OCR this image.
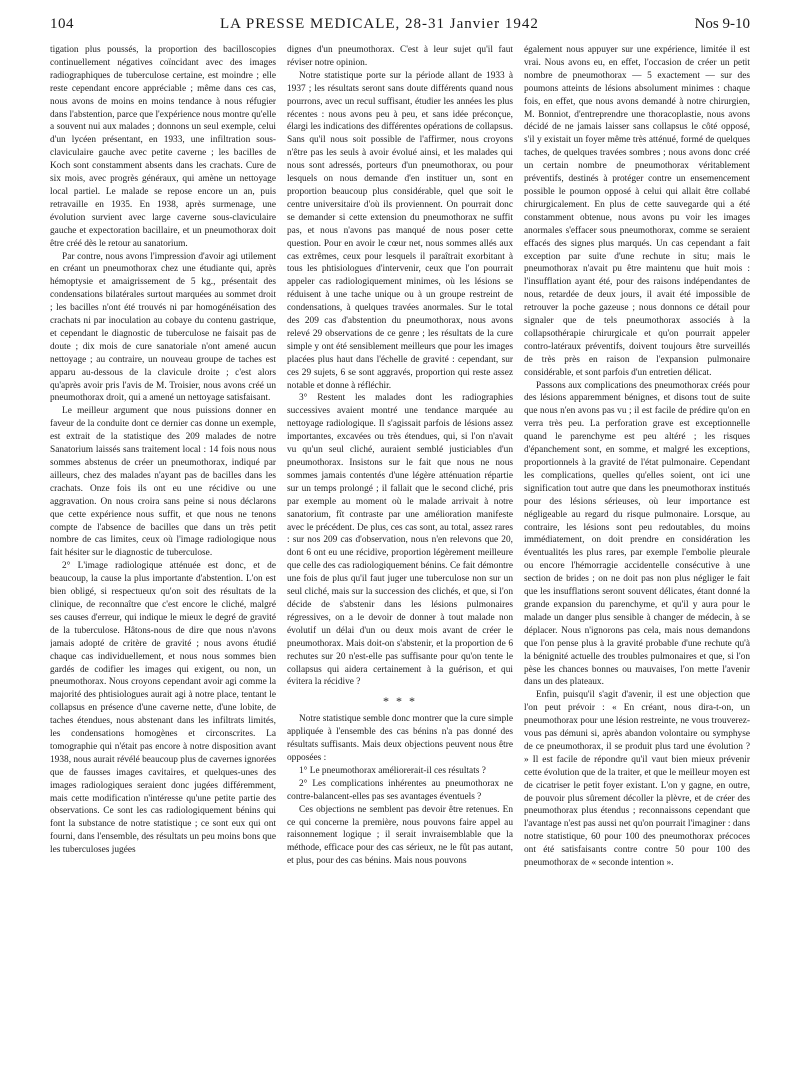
104	LA PRESSE MEDICALE, 28-31 Janvier 1942	Nos 9-10

tigation plus poussés, la proportion des bacilloscopies continuellement négatives coïncidant avec des images radiographiques de tuberculose certaine, est moindre ; elle reste cependant encore appréciable ; même dans ces cas, nous avons de moins en moins tendance à nous réfugier dans l'abstention, parce que l'expérience nous montre qu'elle a souvent nui aux malades ; donnons un seul exemple, celui d'un lycéen présentant, en 1933, une infiltration sous-claviculaire gauche avec petite caverne ; les bacilles de Koch sont constamment absents dans les crachats. Cure de six mois, avec progrès généraux, qui amène un nettoyage local partiel. Le malade se repose encore un an, puis retravaille en 1935. En 1938, après surmenage, une évolution survient avec large caverne sous-claviculaire gauche et expectoration bacillaire, et un pneumothorax doit être créé dès le retour au sanatorium.

Par contre, nous avons l'impression d'avoir agi utilement en créant un pneumothorax chez une étudiante qui, après hémoptysie et amaigrissement de 5 kg., présentait des condensations bilatérales surtout marquées au sommet droit ; les bacilles n'ont été trouvés ni par homogénéisation des crachats ni par inoculation au cobaye du contenu gastrique, et cependant le diagnostic de tuberculose ne faisait pas de doute ; dix mois de cure sanatoriale n'ont amené aucun nettoyage ; au contraire, un nouveau groupe de taches est apparu au-dessous de la clavicule droite ; c'est alors qu'après avoir pris l'avis de M. Troisier, nous avons créé un pneumothorax droit, qui a amené un nettoyage satisfaisant.

Le meilleur argument que nous puissions donner en faveur de la conduite dont ce dernier cas donne un exemple, est extrait de la statistique des 209 malades de notre Sanatorium laissés sans traitement local : 14 fois nous nous sommes abstenus de créer un pneumothorax, indiqué par ailleurs, chez des malades n'ayant pas de bacilles dans les crachats. Onze fois ils ont eu une récidive ou une aggravation. On nous croira sans peine si nous déclarons que cette expérience nous suffit, et que nous ne tenons compte de l'absence de bacilles que dans un très petit nombre de cas limites, ceux où l'image radiologique nous fait hésiter sur le diagnostic de tuberculose.

2° L'image radiologique atténuée est donc, et de beaucoup, la cause la plus importante d'abstention. L'on est bien obligé, si respectueux qu'on soit des résultats de la clinique, de reconnaître que c'est encore le cliché, malgré ses causes d'erreur, qui indique le mieux le degré de gravité de la tuberculose. Hâtons-nous de dire que nous n'avons jamais adopté de critère de gravité ; nous avons étudié chaque cas individuellement, et nous nous sommes bien gardés de codifier les images qui exigent, ou non, un pneumothorax. Nous croyons cependant avoir agi comme la majorité des phtisiologues aurait agi à notre place, tentant le collapsus en présence d'une caverne nette, d'une lobite, de taches étendues, nous abstenant dans les infiltrats limités, les condensations homogènes et circonscrites. La tomographie qui n'était pas encore à notre disposition avant 1938, nous aurait révélé beaucoup plus de cavernes ignorées que de fausses images cavitaires, et quelques-unes des images radiologiques seraient donc jugées différemment, mais cette modification n'intéresse qu'une petite partie des observations. Ce sont les cas radiologiquement bénins qui font la substance de notre statistique ; ce sont eux qui ont fourni, dans l'ensemble, des résultats un peu moins bons que les tuberculoses jugées

dignes d'un pneumothorax. C'est à leur sujet qu'il faut réviser notre opinion.

Notre statistique porte sur la période allant de 1933 à 1937 ; les résultats seront sans doute différents quand nous pourrons, avec un recul suffisant, étudier les années les plus récentes : nous avons peu à peu, et sans idée préconçue, élargi les indications des différentes opérations de collapsus. Sans qu'il nous soit possible de l'affirmer, nous croyons n'être pas les seuls à avoir évolué ainsi, et les malades qui nous sont adressés, porteurs d'un pneumothorax, ou pour lesquels on nous demande d'en instituer un, sont en proportion beaucoup plus considérable, quel que soit le centre universitaire d'où ils proviennent. On pourrait donc se demander si cette extension du pneumothorax ne suffit pas, et nous n'avons pas manqué de nous poser cette question. Pour en avoir le cœur net, nous sommes allés aux cas extrêmes, ceux pour lesquels il paraîtrait exorbitant à tous les phtisiologues d'intervenir, ceux que l'on pourrait appeler cas radiologiquement minimes, où les lésions se réduisent à une tache unique ou à un groupe restreint de condensations, à quelques travées anormales. Sur le total des 209 cas d'abstention du pneumothorax, nous avons relevé 29 observations de ce genre ; les résultats de la cure simple y ont été sensiblement meilleurs que pour les images placées plus haut dans l'échelle de gravité : cependant, sur ces 29 sujets, 6 se sont aggravés, proportion qui reste assez notable et donne à réfléchir.

3° Restent les malades dont les radiographies successives avaient montré une tendance marquée au nettoyage radiologique. Il s'agissait parfois de lésions assez importantes, excavées ou très étendues, qui, si l'on n'avait vu qu'un seul cliché, auraient semblé justiciables d'un pneumothorax. Insistons sur le fait que nous ne nous sommes jamais contentés d'une légère atténuation répartie sur un temps prolongé ; il fallait que le second cliché, pris par exemple au moment où le malade arrivait à notre sanatorium, fît contraste par une amélioration manifeste avec le précédent. De plus, ces cas sont, au total, assez rares : sur nos 209 cas d'observation, nous n'en relevons que 20, dont 6 ont eu une récidive, proportion légèrement meilleure que celle des cas radiologiquement bénins. Ce fait démontre une fois de plus qu'il faut juger une tuberculose non sur un seul cliché, mais sur la succession des clichés, et que, si l'on décide de s'abstenir dans les lésions pulmonaires régressives, on a le devoir de donner à tout malade non évolutif un délai d'un ou deux mois avant de créer le pneumothorax. Mais doit-on s'abstenir, et la proportion de 6 rechutes sur 20 n'est-elle pas suffisante pour qu'on tente le collapsus qui aidera certainement à la guérison, et qui évitera la récidive ?

* * *

Notre statistique semble donc montrer que la cure simple appliquée à l'ensemble des cas bénins n'a pas donné des résultats suffisants. Mais deux objections peuvent nous être opposées :

1° Le pneumothorax améliorerait-il ces résultats ?

2° Les complications inhérentes au pneumothorax ne contre-balancent-elles pas ses avantages éventuels ?

Ces objections ne semblent pas devoir être retenues. En ce qui concerne la première, nous pouvons faire appel au raisonnement logique ; il serait invraisemblable que la méthode, efficace pour des cas sérieux, ne le fût pas autant, et plus, pour des cas bénins. Mais nous pouvons

également nous appuyer sur une expérience, limitée il est vrai. Nous avons eu, en effet, l'occasion de créer un petit nombre de pneumothorax — 5 exactement — sur des poumons atteints de lésions absolument minimes : chaque fois, en effet, que nous avons demandé à notre chirurgien, M. Bonniot, d'entreprendre une thoracoplastie, nous avons décidé de ne jamais laisser sans collapsus le côté opposé, s'il y existait un foyer même très atténué, formé de quelques taches, de quelques travées sombres ; nous avons donc créé un certain nombre de pneumothorax véritablement préventifs, destinés à protéger contre un ensemencement possible le poumon opposé à celui qui allait être collabé chirurgicalement. En plus de cette sauvegarde qui a été constamment obtenue, nous avons pu voir les images anormales s'effacer sous pneumothorax, comme se seraient effacés des signes plus marqués. Un cas cependant a fait exception par suite d'une rechute in situ; mais le pneumothorax n'avait pu être maintenu que huit mois : l'insufflation ayant été, pour des raisons indépendantes de nous, retardée de deux jours, il avait été impossible de retrouver la poche gazeuse ; nous donnons ce détail pour signaler que de tels pneumothorax associés à la collapsothérapie chirurgicale et qu'on pourrait appeler contro-latéraux préventifs, doivent toujours être surveillés de très près en raison de l'expansion pulmonaire considérable, et sont parfois d'un entretien délicat.

Passons aux complications des pneumothorax créés pour des lésions apparemment bénignes, et disons tout de suite que nous n'en avons pas vu ; il est facile de prédire qu'on en verra très peu. La perforation grave est exceptionnelle quand le parenchyme est peu altéré ; les risques d'épanchement sont, en somme, et malgré les exceptions, proportionnels à la gravité de l'état pulmonaire. Cependant les complications, quelles qu'elles soient, ont ici une signification tout autre que dans les pneumothorax institués pour des lésions sérieuses, où leur importance est négligeable au regard du risque pulmonaire. Lorsque, au contraire, les lésions sont peu redoutables, du moins immédiatement, on doit prendre en considération les éventualités les plus rares, par exemple l'embolie pleurale ou encore l'hémorragie accidentelle consécutive à une section de brides ; on ne doit pas non plus négliger le fait que les insufflations seront souvent délicates, étant donné la grande expansion du parenchyme, et qu'il y aura pour le malade un danger plus sensible à changer de médecin, à se déplacer. Nous n'ignorons pas cela, mais nous demandons que l'on pense plus à la gravité probable d'une rechute qu'à la bénignité actuelle des troubles pulmonaires et que, si l'on pèse les chances bonnes ou mauvaises, l'on mette l'avenir dans un des plateaux.

Enfin, puisqu'il s'agit d'avenir, il est une objection que l'on peut prévoir : « En créant, nous dira-t-on, un pneumothorax pour une lésion restreinte, ne vous trouverez-vous pas démuni si, après abandon volontaire ou symphyse de ce pneumothorax, il se produit plus tard une évolution ? » Il est facile de répondre qu'il vaut bien mieux prévenir cette évolution que de la traiter, et que le meilleur moyen est de cicatriser le petit foyer existant. L'on y gagne, en outre, de pouvoir plus sûrement décoller la plèvre, et de créer des pneumothorax plus étendus ; reconnaissons cependant que l'avantage n'est pas aussi net qu'on pourrait l'imaginer : dans notre statistique, 60 pour 100 des pneumothorax précoces ont été satisfaisants contre contre 50 pour 100 des pneumothorax de « seconde intention ».
